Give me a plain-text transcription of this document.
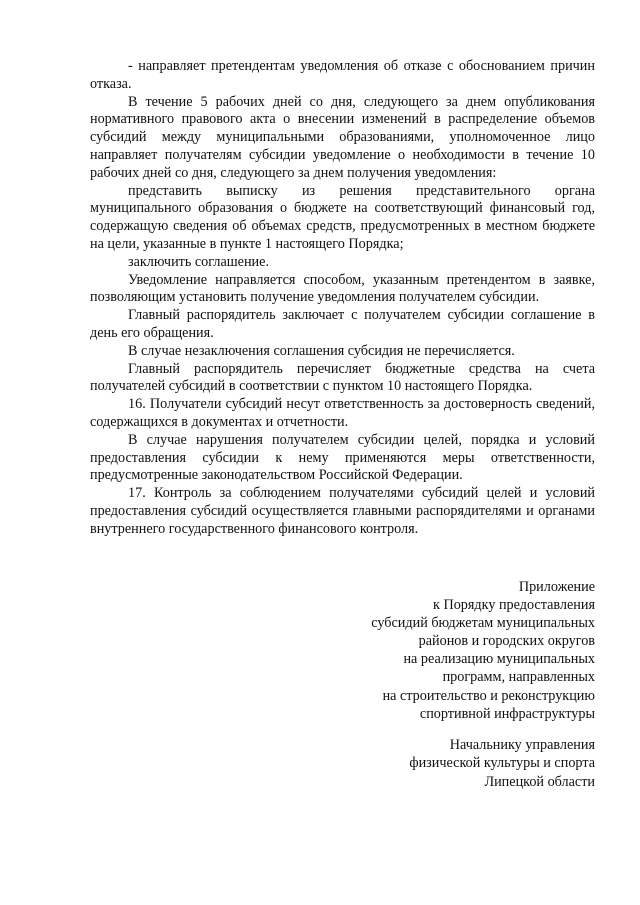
- направляет претендентам уведомления об отказе с обоснованием причин отказа.

В течение 5 рабочих дней со дня, следующего за днем опубликования нормативного правового акта о внесении изменений в распределение объемов субсидий между муниципальными образованиями, уполномоченное лицо направляет получателям субсидии уведомление о необходимости в течение 10 рабочих дней со дня, следующего за днем получения уведомления:

представить выписку из решения представительного органа муниципального образования о бюджете на соответствующий финансовый год, содержащую сведения об объемах средств, предусмотренных в местном бюджете на цели, указанные в пункте 1 настоящего Порядка;

заключить соглашение.

Уведомление направляется способом, указанным претендентом в заявке, позволяющим установить получение уведомления получателем субсидии.

Главный распорядитель заключает с получателем субсидии соглашение в день его обращения.

В случае незаключения соглашения субсидия не перечисляется.

Главный распорядитель перечисляет бюджетные средства на счета получателей субсидий в соответствии с пунктом 10 настоящего Порядка.

16. Получатели субсидий несут ответственность за достоверность сведений, содержащихся в документах и отчетности.

В случае нарушения получателем субсидии целей, порядка и условий предоставления субсидии к нему применяются меры ответственности, предусмотренные законодательством Российской Федерации.

17. Контроль за соблюдением получателями субсидий целей и условий предоставления субсидий осуществляется главными распорядителями и органами внутреннего государственного финансового контроля.

Приложение
к Порядку предоставления
субсидий бюджетам муниципальных
районов и городских округов
на реализацию муниципальных
программ, направленных
на строительство и реконструкцию
спортивной инфраструктуры
Начальнику управления
физической культуры и спорта
Липецкой области
